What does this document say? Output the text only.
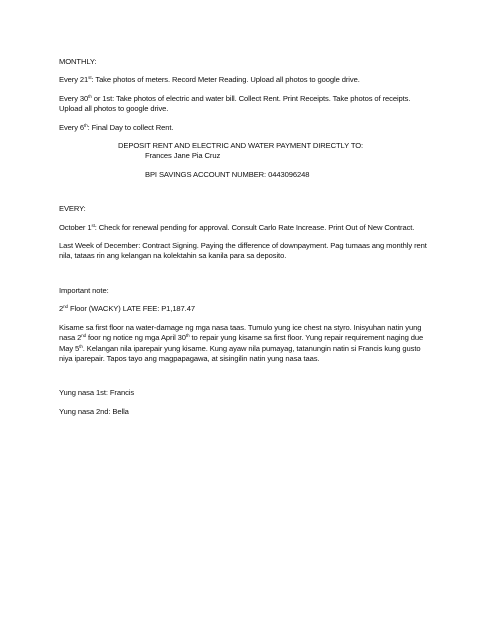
MONTHLY:

Every 21st: Take photos of meters. Record Meter Reading. Upload all photos to google drive.

Every 30th or 1st: Take photos of electric and water bill. Collect Rent. Print Receipts. Take photos of receipts. Upload all photos to google drive.

Every 6th: Final Day to collect Rent.

DEPOSIT RENT AND ELECTRIC AND WATER PAYMENT DIRECTLY TO:

Frances Jane Pia Cruz

BPI SAVINGS ACCOUNT NUMBER: 0443096248

EVERY:

October 1st: Check for renewal pending for approval. Consult Carlo Rate Increase. Print Out of New Contract.

Last Week of December: Contract Signing. Paying the difference of downpayment. Pag tumaas ang monthly rent nila, tataas rin ang kelangan na kolektahin sa kanila para sa deposito.

Important note:

2nd Floor (WACKY) LATE FEE: P1,187.47

Kisame sa first floor na water-damage ng mga nasa taas. Tumulo yung ice chest na styro. Inisyuhan natin yung nasa 2nd foor ng notice ng mga April 30th to repair yung kisame sa first floor. Yung repair requirement naging due May 5th. Kelangan nila iparepair yung kisame. Kung ayaw nila pumayag, tatanungin natin si Francis kung gusto niya iparepair. Tapos tayo ang magpapagawa, at sisingilin natin yung nasa taas.

Yung nasa 1st: Francis

Yung nasa 2nd: Bella
